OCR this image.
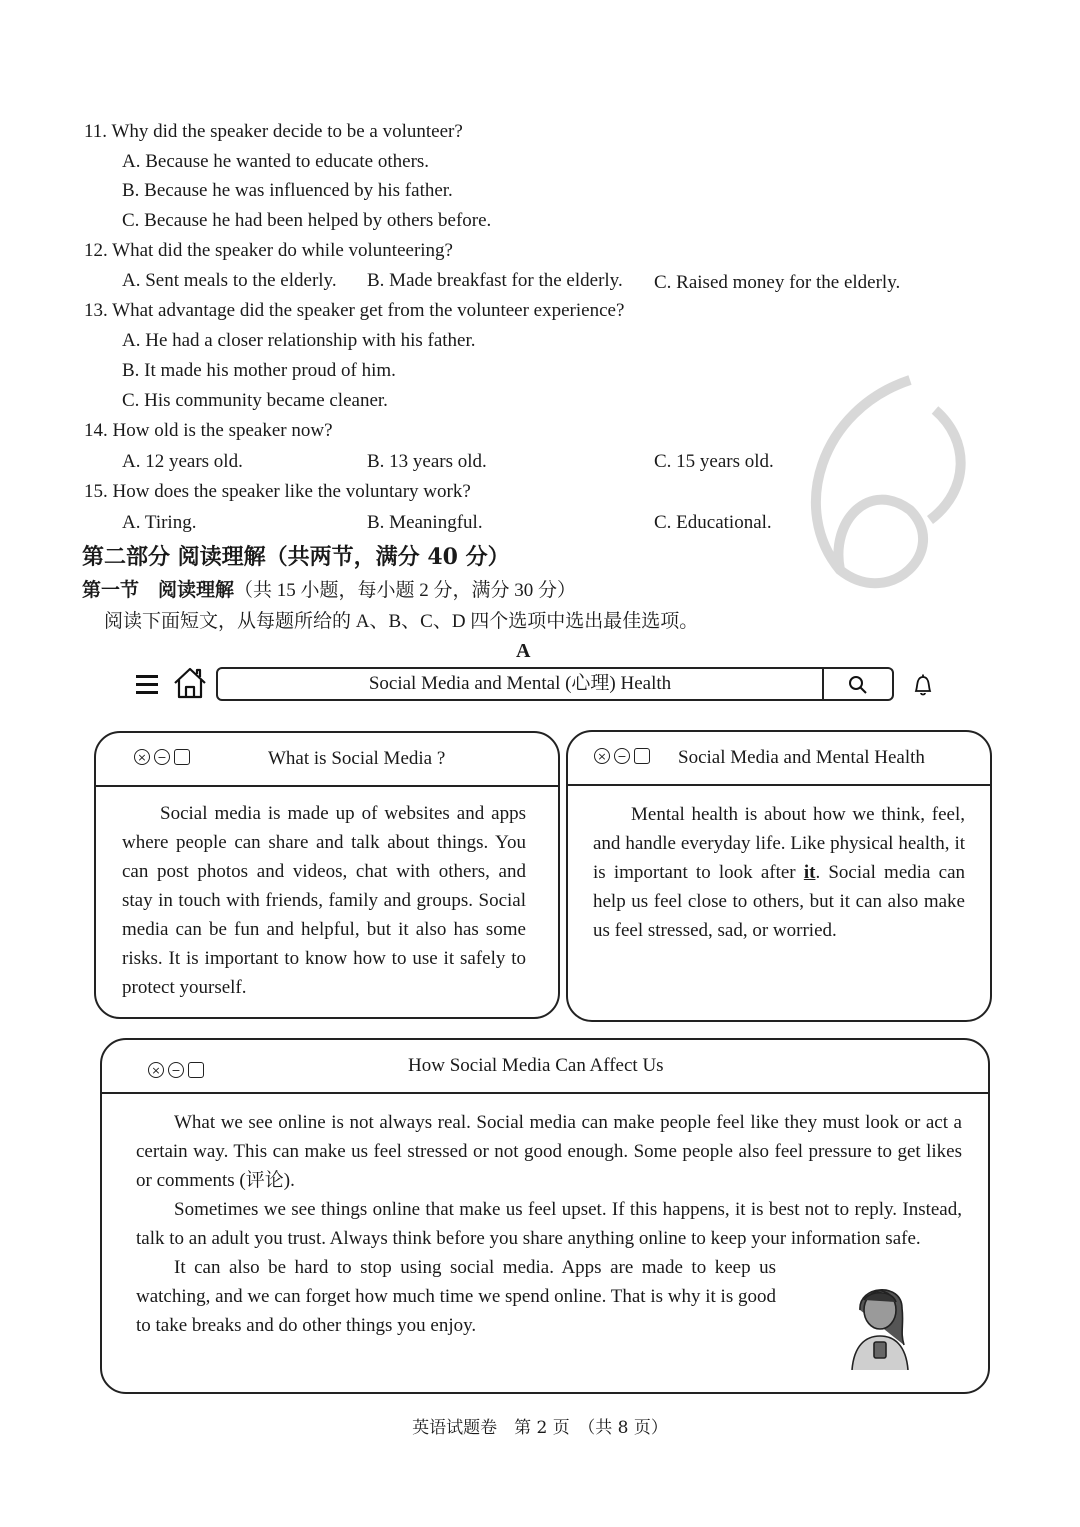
11. Why did the speaker decide to be a volunteer?
A. Because he wanted to educate others.
B. Because he was influenced by his father.
C. Because he had been helped by others before.
12. What did the speaker do while volunteering?
A. Sent meals to the elderly. B. Made breakfast for the elderly. C. Raised money for the elderly.
13. What advantage did the speaker get from the volunteer experience?
A. He had a closer relationship with his father.
B. It made his mother proud of him.
C. His community became cleaner.
14. How old is the speaker now?
A. 12 years old.	B. 13 years old.	C. 15 years old.
15. How does the speaker like the voluntary work?
A. Tiring.	B. Meaningful.	C. Educational.
第二部分 阅读理解（共两节，满分 40 分）
第一节　阅读理解（共 15 小题，每小题 2 分，满分 30 分）
阅读下面短文，从每题所给的 A、B、C、D 四个选项中选出最佳选项。
A
Social Media and Mental (心理) Health
× −	What is Social Media ?

Social media is made up of websites and apps where people can share and talk about things. You can post photos and videos, chat with others, and stay in touch with friends, family and groups. Social media can be fun and helpful, but it also has some risks. It is important to know how to use it safely to protect yourself.

× −	Social Media and Mental Health

Mental health is about how we think, feel, and handle everyday life. Like physical health, it is important to look after it. Social media can help us feel close to others, but it can also make us feel stressed, sad, or worried.

× −	How Social Media Can Affect Us

What we see online is not always real. Social media can make people feel like they must look or act a certain way. This can make us feel stressed or not good enough. Some people also feel pressure to get likes or comments (评论).

Sometimes we see things online that make us feel upset. If this happens, it is best not to reply. Instead, talk to an adult you trust. Always think before you share anything online to keep your information safe.

It can also be hard to stop using social media. Apps are made to keep us watching, and we can forget how much time we spend online. That is why it is good to take breaks and do other things you enjoy.

英语试题卷　第 2 页　（共 8 页）
